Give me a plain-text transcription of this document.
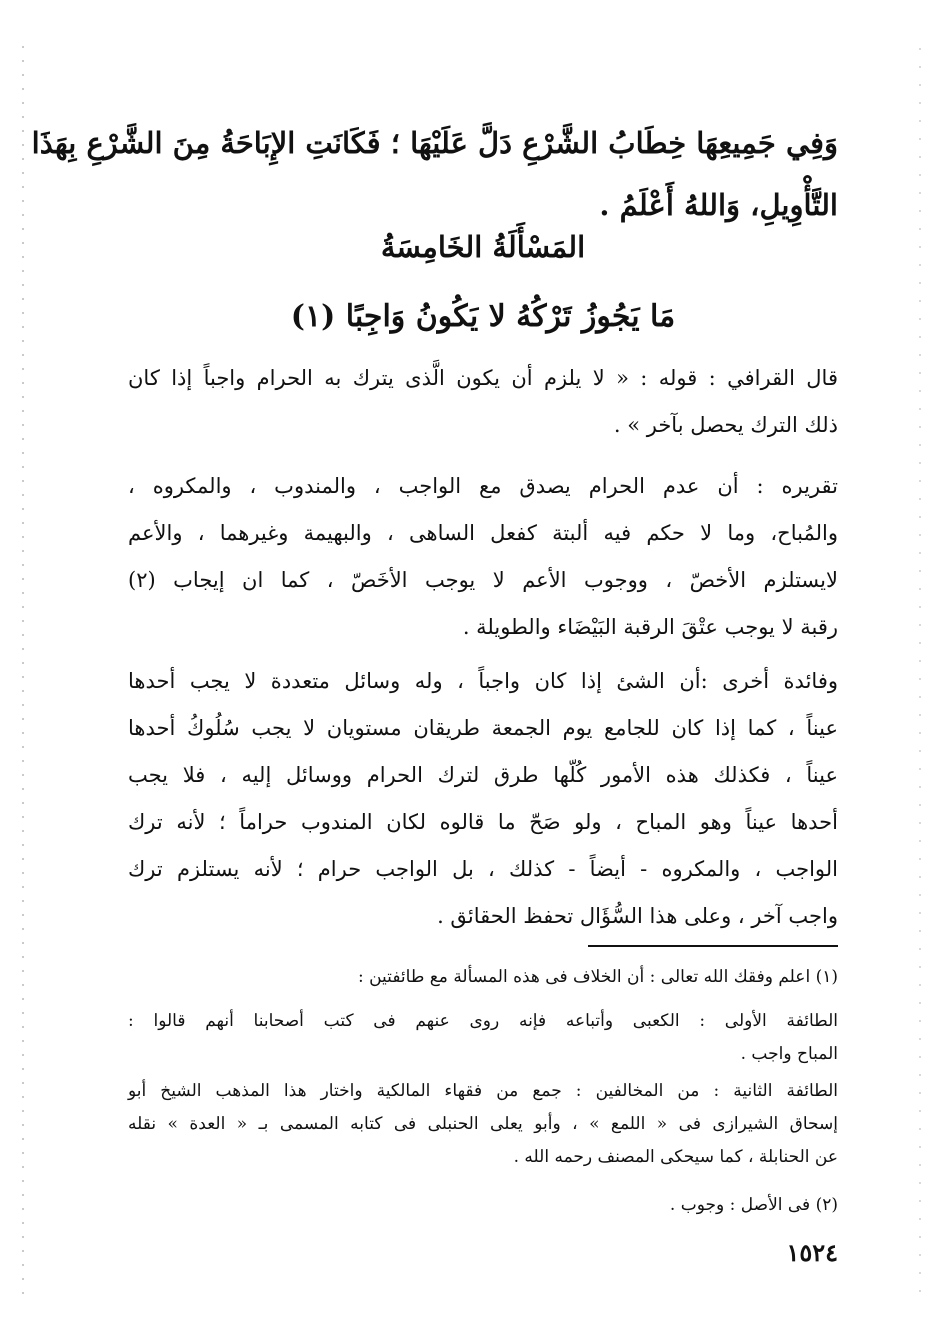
وَفِي جَمِيعِهَا خِطَابُ الشَّرْعِ دَلَّ عَلَيْهَا ؛ فَكَانَتِ الإِبَاحَةُ مِنَ الشَّرْعِ بِهَذَا
التَّأْوِيلِ، وَاللهُ أَعْلَمُ .
المَسْأَلَةُ الخَامِسَةُ
مَا يَجُوزُ تَرْكُهُ لا يَكُونُ وَاجِبًا (١)
قال القرافي : قوله : « لا يلزم أن يكون الَّذى يترك به الحرام واجباً إذا كان
ذلك الترك يحصل بآخر » .
تقريره : أن عدم الحرام يصدق مع الواجب ، والمندوب ، والمكروه ،
والمُباح، وما لا حكم فيه ألبتة كفعل الساهى ، والبهيمة وغيرهما ، والأعم
لايستلزم الأخصّ ، ووجوب الأعم لا يوجب الأخَصّ ، كما ان إيجاب (٢)
رقبة لا يوجب عتْقَ الرقبة البَيْضَاء والطويلة .
وفائدة أخرى :أن الشئ إذا كان واجباً ، وله وسائل متعددة لا يجب أحدها
عيناً ، كما إذا كان للجامع يوم الجمعة طريقان مستويان لا يجب سُلُوكُ أحدها
عيناً ، فكذلك هذه الأمور كُلّها طرق لترك الحرام ووسائل إليه ، فلا يجب
أحدها عيناً وهو المباح ، ولو صَحّ ما قالوه لكان المندوب حراماً ؛ لأنه ترك
الواجب ، والمكروه - أيضاً - كذلك ، بل الواجب حرام ؛ لأنه يستلزم ترك
واجب آخر ، وعلى هذا السُّؤَال تحفظ الحقائق .
(١) اعلم وفقك الله تعالى : أن الخلاف فى هذه المسألة مع طائفتين :
الطائفة الأولى : الكعبى وأتباعه فإنه روى عنهم فى كتب أصحابنا أنهم قالوا :
المباح واجب .
الطائفة الثانية : من المخالفين : جمع من فقهاء المالكية واختار هذا المذهب الشيخ أبو
إسحاق الشيرازى فى « اللمع » ، وأبو يعلى الحنبلى فى كتابه المسمى بـ « العدة » نقله
عن الحنابلة ، كما سيحكى المصنف رحمه الله .
(٢) فى الأصل : وجوب .
١٥٢٤
